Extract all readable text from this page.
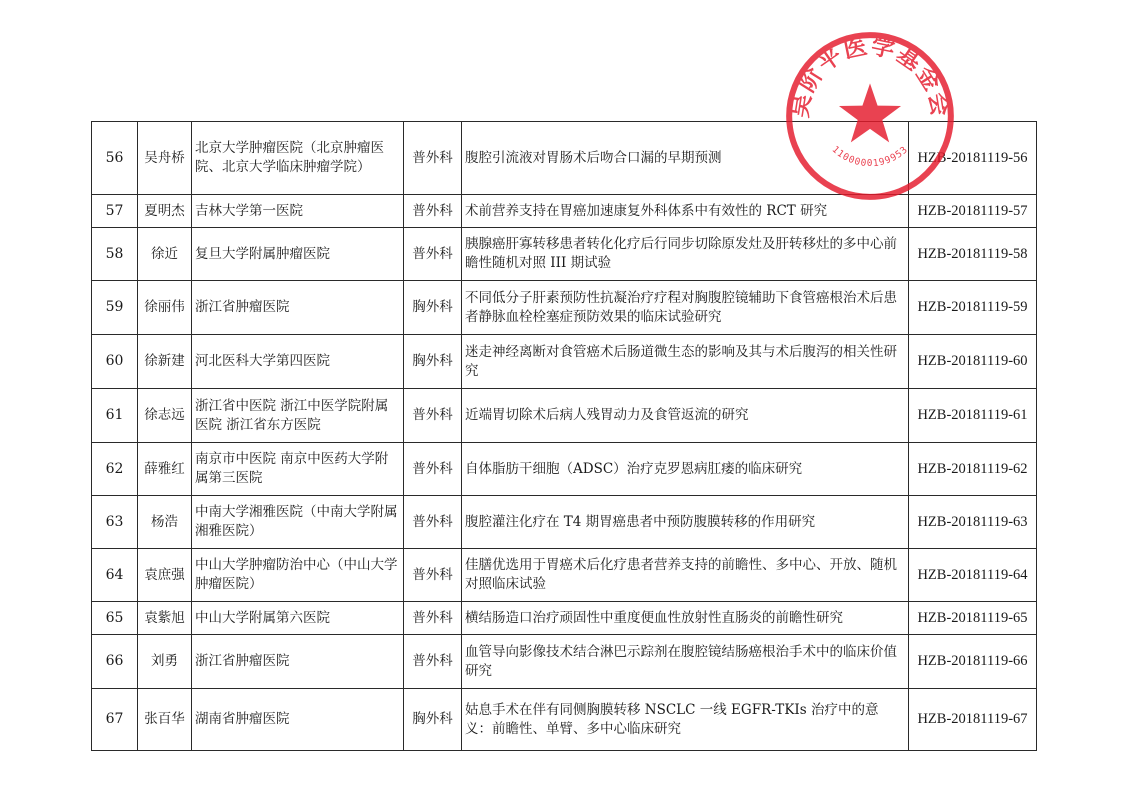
56	吴舟桥	北京大学肿瘤医院（北京肿瘤医院、北京大学临床肿瘤学院）	普外科	腹腔引流液对胃肠术后吻合口漏的早期预测	HZB-20181119-56
57	夏明杰	吉林大学第一医院	普外科	术前营养支持在胃癌加速康复外科体系中有效性的 RCT 研究	HZB-20181119-57
58	徐近	复旦大学附属肿瘤医院	普外科	胰腺癌肝寡转移患者转化化疗后行同步切除原发灶及肝转移灶的多中心前瞻性随机对照 III 期试验	HZB-20181119-58
59	徐丽伟	浙江省肿瘤医院	胸外科	不同低分子肝素预防性抗凝治疗疗程对胸腹腔镜辅助下食管癌根治术后患者静脉血栓栓塞症预防效果的临床试验研究	HZB-20181119-59
60	徐新建	河北医科大学第四医院	胸外科	迷走神经离断对食管癌术后肠道微生态的影响及其与术后腹泻的相关性研究	HZB-20181119-60
61	徐志远	浙江省中医院 浙江中医学院附属医院 浙江省东方医院	普外科	近端胃切除术后病人残胃动力及食管返流的研究	HZB-20181119-61
62	薛雅红	南京市中医院 南京中医药大学附属第三医院	普外科	自体脂肪干细胞（ADSC）治疗克罗恩病肛瘘的临床研究	HZB-20181119-62
63	杨浩	中南大学湘雅医院（中南大学附属湘雅医院）	普外科	腹腔灌注化疗在 T4 期胃癌患者中预防腹膜转移的作用研究	HZB-20181119-63
64	袁庶强	中山大学肿瘤防治中心（中山大学肿瘤医院）	普外科	佳膳优选用于胃癌术后化疗患者营养支持的前瞻性、多中心、开放、随机对照临床试验	HZB-20181119-64
65	袁紫旭	中山大学附属第六医院	普外科	横结肠造口治疗顽固性中重度便血性放射性直肠炎的前瞻性研究	HZB-20181119-65
66	刘勇	浙江省肿瘤医院	普外科	血管导向影像技术结合淋巴示踪剂在腹腔镜结肠癌根治手术中的临床价值研究	HZB-20181119-66
67	张百华	湖南省肿瘤医院	胸外科	姑息手术在伴有同侧胸膜转移 NSCLC 一线 EGFR-TKIs 治疗中的意义：前瞻性、单臂、多中心临床研究	HZB-20181119-67
吴阶平医学基金会
1100000199953
